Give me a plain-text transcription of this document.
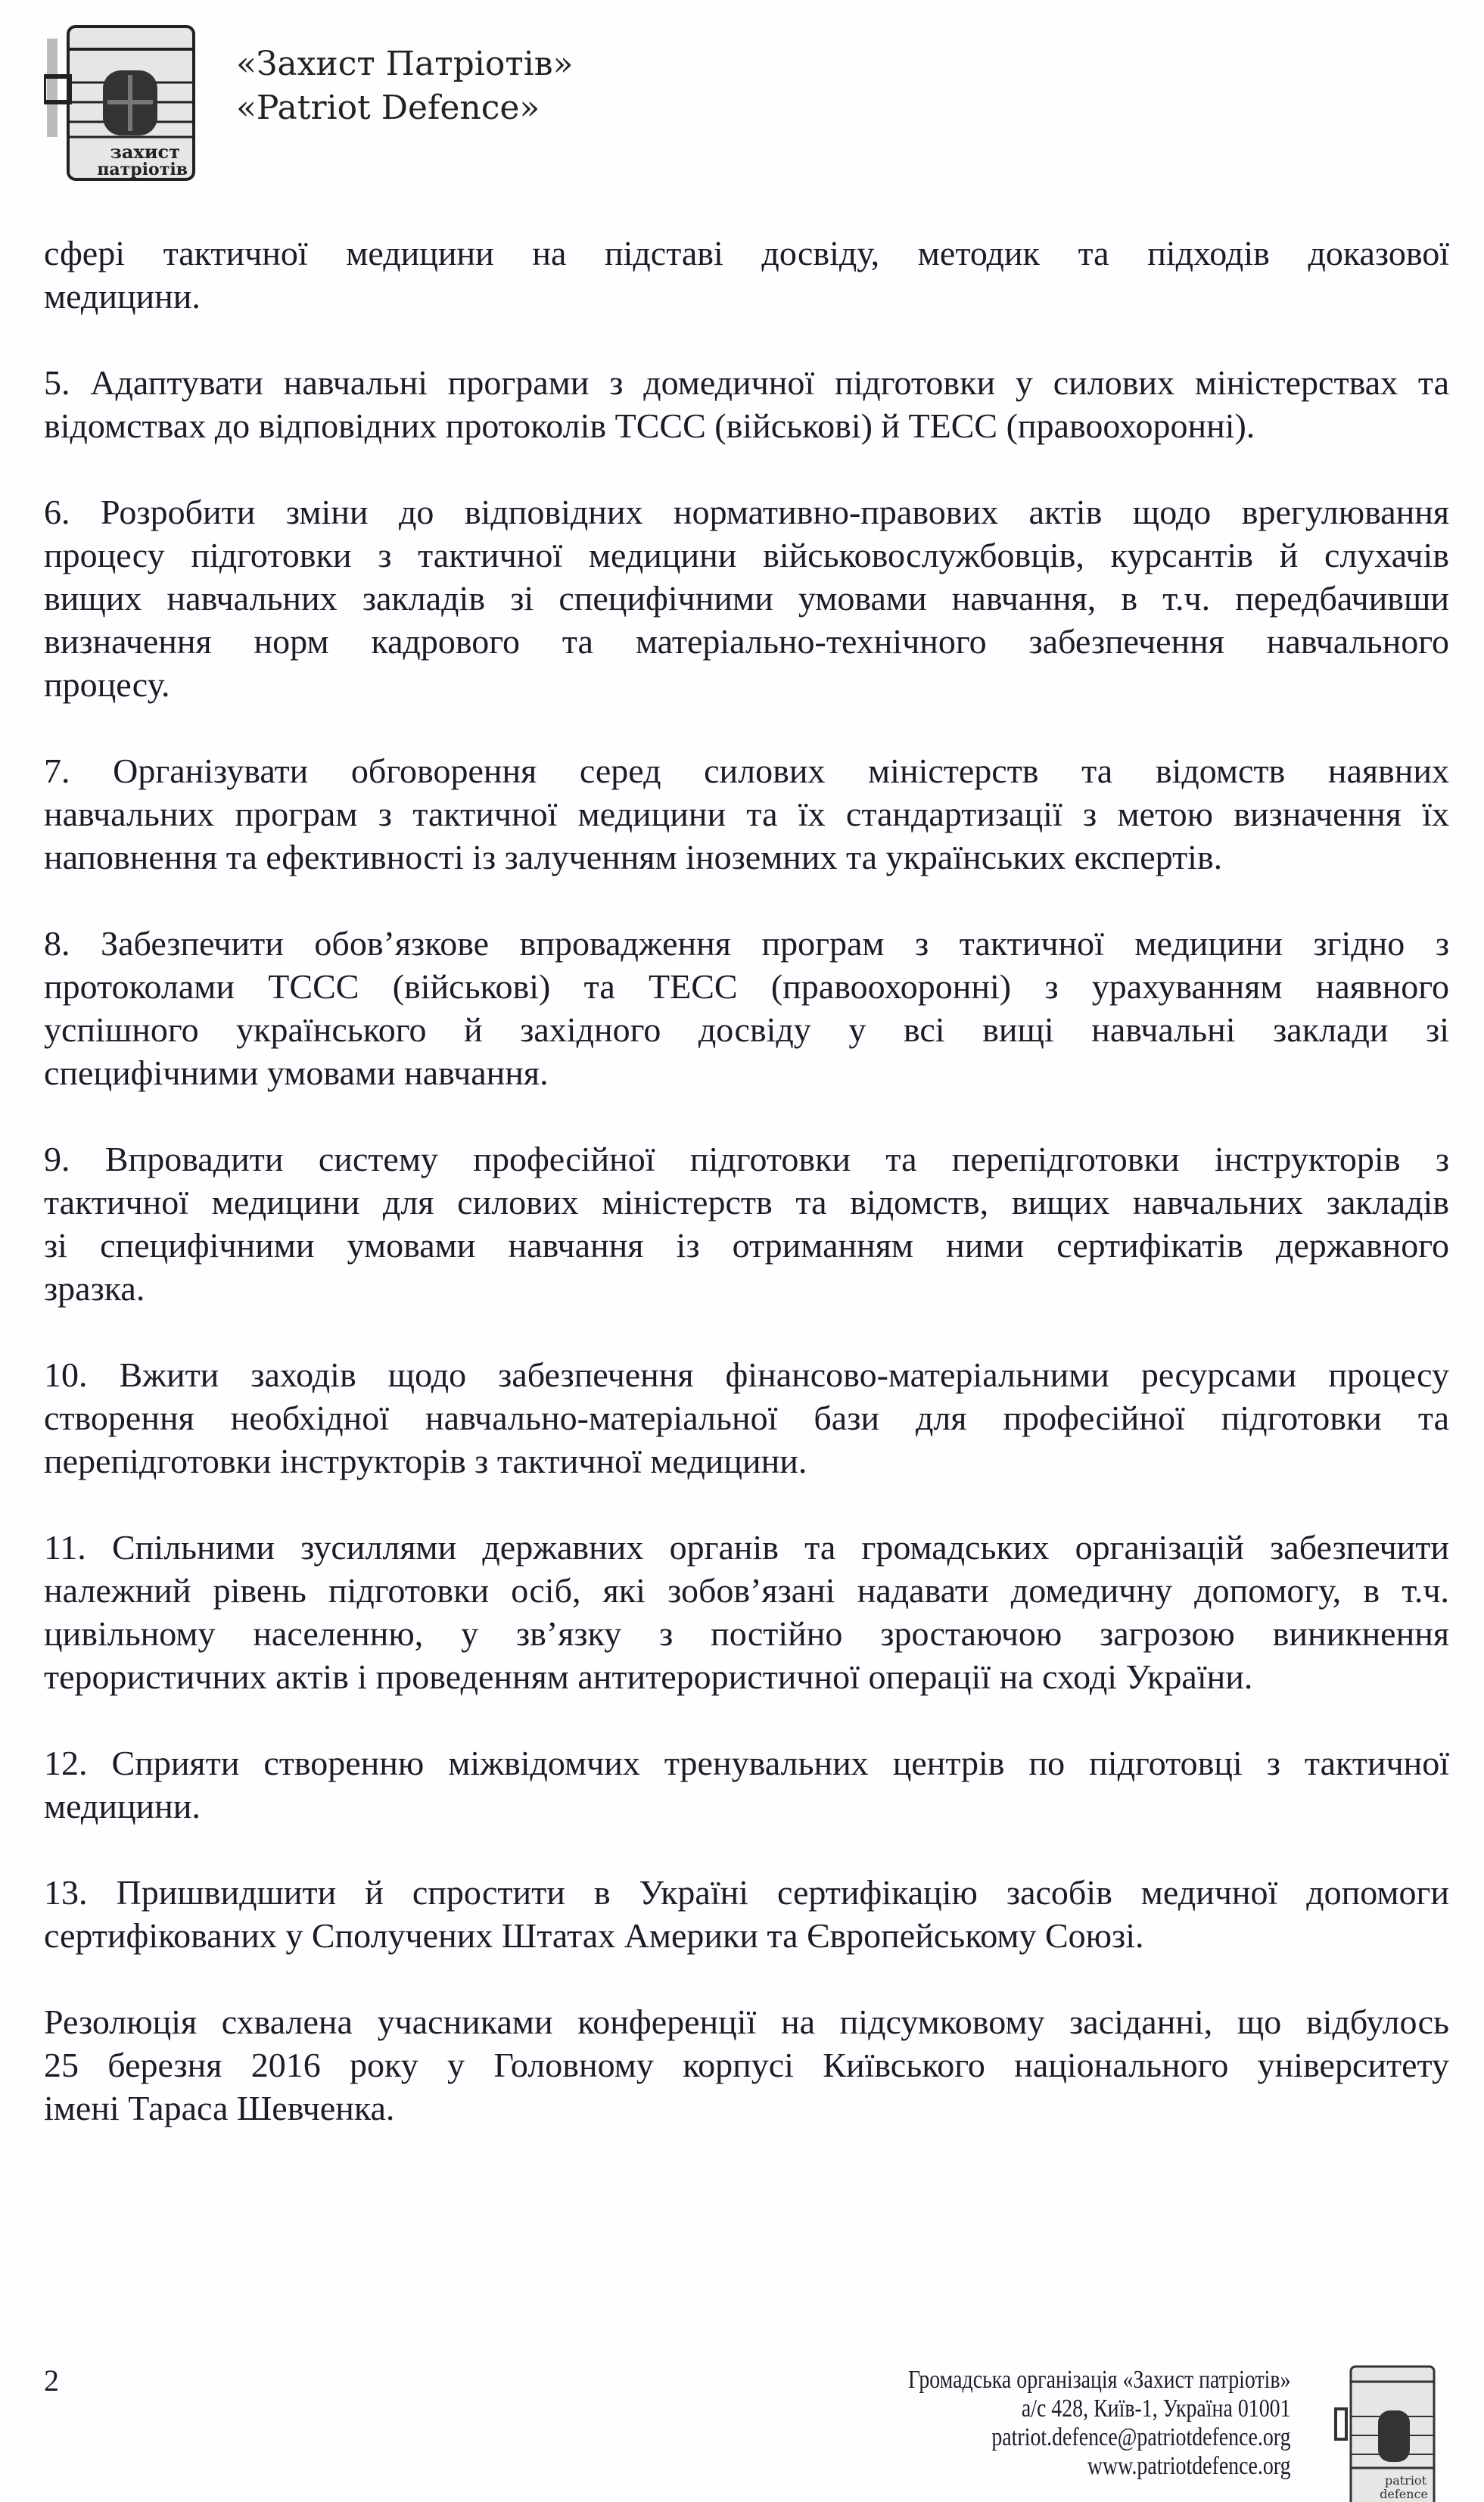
захист
патріотів
«Захист Патріотів»
«Patriot Defence»
сфері тактичної медицини на підставі досвіду, методик та підходів доказової
медицини.
5. Адаптувати навчальні програми з домедичної підготовки у силових міністерствах та
відомствах до відповідних протоколів ТССС (військові) й ТЕСС (правоохоронні).
6. Розробити зміни до відповідних нормативно-правових актів щодо врегулювання
процесу підготовки з тактичної медицини військовослужбовців, курсантів й слухачів
вищих навчальних закладів зі специфічними умовами навчання, в т.ч. передбачивши
визначення норм кадрового та матеріально-технічного забезпечення навчального
процесу.
7. Організувати обговорення серед силових міністерств та відомств наявних
навчальних програм з тактичної медицини та їх стандартизації з метою визначення їх
наповнення та ефективності із залученням іноземних та українських експертів.
8. Забезпечити обов’язкове впровадження програм з тактичної медицини згідно з
протоколами ТССС (військові) та ТЕСС (правоохоронні) з урахуванням наявного
успішного українського й західного досвіду у всі вищі навчальні заклади зі
специфічними умовами навчання.
9. Впровадити систему професійної підготовки та перепідготовки інструкторів з
тактичної медицини для силових міністерств та відомств, вищих навчальних закладів
зі специфічними умовами навчання із отриманням ними сертифікатів державного
зразка.
10. Вжити заходів щодо забезпечення фінансово-матеріальними ресурсами процесу
створення необхідної навчально-матеріальної бази для професійної підготовки та
перепідготовки інструкторів з тактичної медицини.
11. Спільними зусиллями державних органів та громадських організацій забезпечити
належний рівень підготовки осіб, які зобов’язані надавати домедичну допомогу, в т.ч.
цивільному населенню, у зв’язку з постійно зростаючою загрозою виникнення
терористичних актів і проведенням антитерористичної операції на сході України.
12. Сприяти створенню міжвідомчих тренувальних центрів по підготовці з тактичної
медицини.
13. Пришвидшити й спростити в Україні сертифікацію засобів медичної допомоги
сертифікованих у Сполучених Штатах Америки та Європейському Союзі.
Резолюція схвалена учасниками конференції на підсумковому засіданні, що відбулось
25 березня 2016 року у Головному корпусі Київського національного університету
імені Тараса Шевченка.
2	Громадська організація «Захист патріотів»
а/с 428, Київ-1, Україна 01001
patriot.defence@patriotdefence.org
www.patriotdefence.org
patriot
defence
